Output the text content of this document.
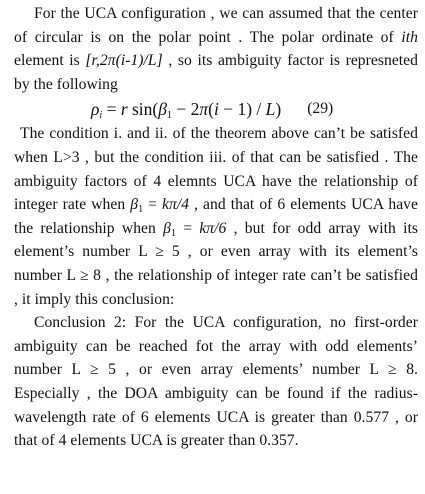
For the UCA configuration , we can assumed that the center of circular is on the polar point . The polar ordinate of ith element is [r,2π(i-1)/L] , so its ambiguity factor is represneted by the following

$\rho_i = r$ $\sin(\beta_1 - 2\pi(i - 1) / L)$ (29)

The condition i. and ii. of the theorem above can’t be satisfed when L>3 , but the condition iii. of that can be satisfied . The ambiguity factors of 4 elemnts UCA have the relationship of integer rate when $\beta_1 = k\pi/4$ , and that of 6 elements UCA have the relationship when $\beta_1 = k\pi/6$ , but for odd array with its element’s number L ≥ 5 , or even array with its element’s number L ≥ 8 , the relationship of integer rate can’t be satisfied , it imply this conclusion:

Conclusion 2: For the UCA configuration, no first-order ambiguity can be reached fot the array with odd elements’ number L ≥ 5 , or even array elements’ number L ≥ 8. Especially , the DOA ambiguity can be found if the radius-wavelength rate of 6 elements UCA is greater than 0.577 , or that of 4 elements UCA is greater than 0.357.
